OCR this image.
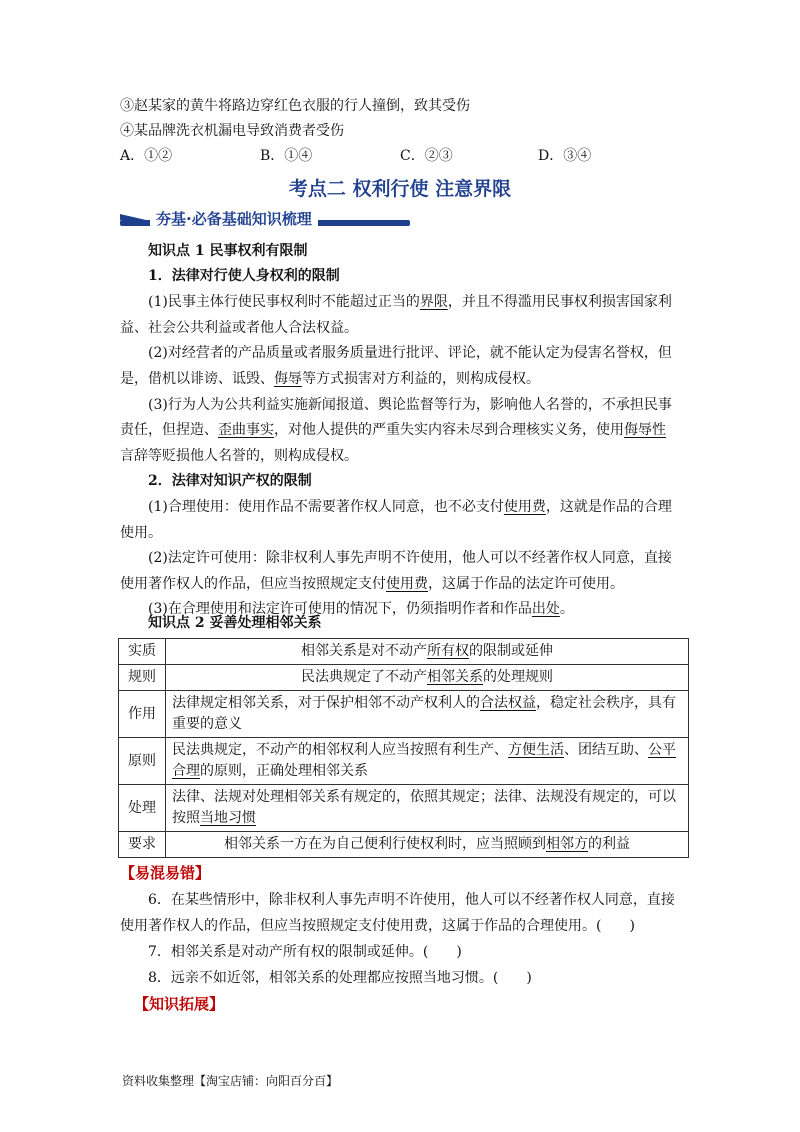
③赵某家的黄牛将路边穿红色衣服的行人撞倒，致其受伤
④某品牌洗衣机漏电导致消费者受伤
A．①②	B．①④	C．②③	D．③④
考点二 权利行使 注意界限
夯基·必备基础知识梳理
知识点 1 民事权利有限制
1．法律对行使人身权利的限制
(1)民事主体行使民事权利时不能超过正当的界限，并且不得滥用民事权利损害国家利
益、社会公共利益或者他人合法权益。
(2)对经营者的产品质量或者服务质量进行批评、评论，就不能认定为侵害名誉权，但
是，借机以诽谤、诋毁、侮辱等方式损害对方利益的，则构成侵权。
(3)行为人为公共利益实施新闻报道、舆论监督等行为，影响他人名誉的，不承担民事
责任，但捏造、歪曲事实，对他人提供的严重失实内容未尽到合理核实义务，使用侮辱性
言辞等贬损他人名誉的，则构成侵权。
2．法律对知识产权的限制
(1)合理使用：使用作品不需要著作权人同意，也不必支付使用费，这就是作品的合理
使用。
(2)法定许可使用：除非权利人事先声明不许使用，他人可以不经著作权人同意，直接
使用著作权人的作品，但应当按照规定支付使用费，这属于作品的法定许可使用。
(3)在合理使用和法定许可使用的情况下，仍须指明作者和作品出处。
知识点 2 妥善处理相邻关系
实质	相邻关系是对不动产所有权的限制或延伸
规则	民法典规定了不动产相邻关系的处理规则
作用	法律规定相邻关系，对于保护相邻不动产权利人的合法权益，稳定社会秩序，具有
重要的意义
原则	民法典规定，不动产的相邻权利人应当按照有利生产、方便生活、团结互助、公平
合理的原则，正确处理相邻关系
处理	法律、法规对处理相邻关系有规定的，依照其规定；法律、法规没有规定的，可以
按照当地习惯
要求	相邻关系一方在为自己便利行使权利时，应当照顾到相邻方的利益
【易混易错】
6．在某些情形中，除非权利人事先声明不许使用，他人可以不经著作权人同意，直接
使用著作权人的作品，但应当按照规定支付使用费，这属于作品的合理使用。(　　)
7．相邻关系是对动产所有权的限制或延伸。(　　)
8．远亲不如近邻，相邻关系的处理都应按照当地习惯。(　　)
【知识拓展】
资料收集整理【淘宝店铺：向阳百分百】
